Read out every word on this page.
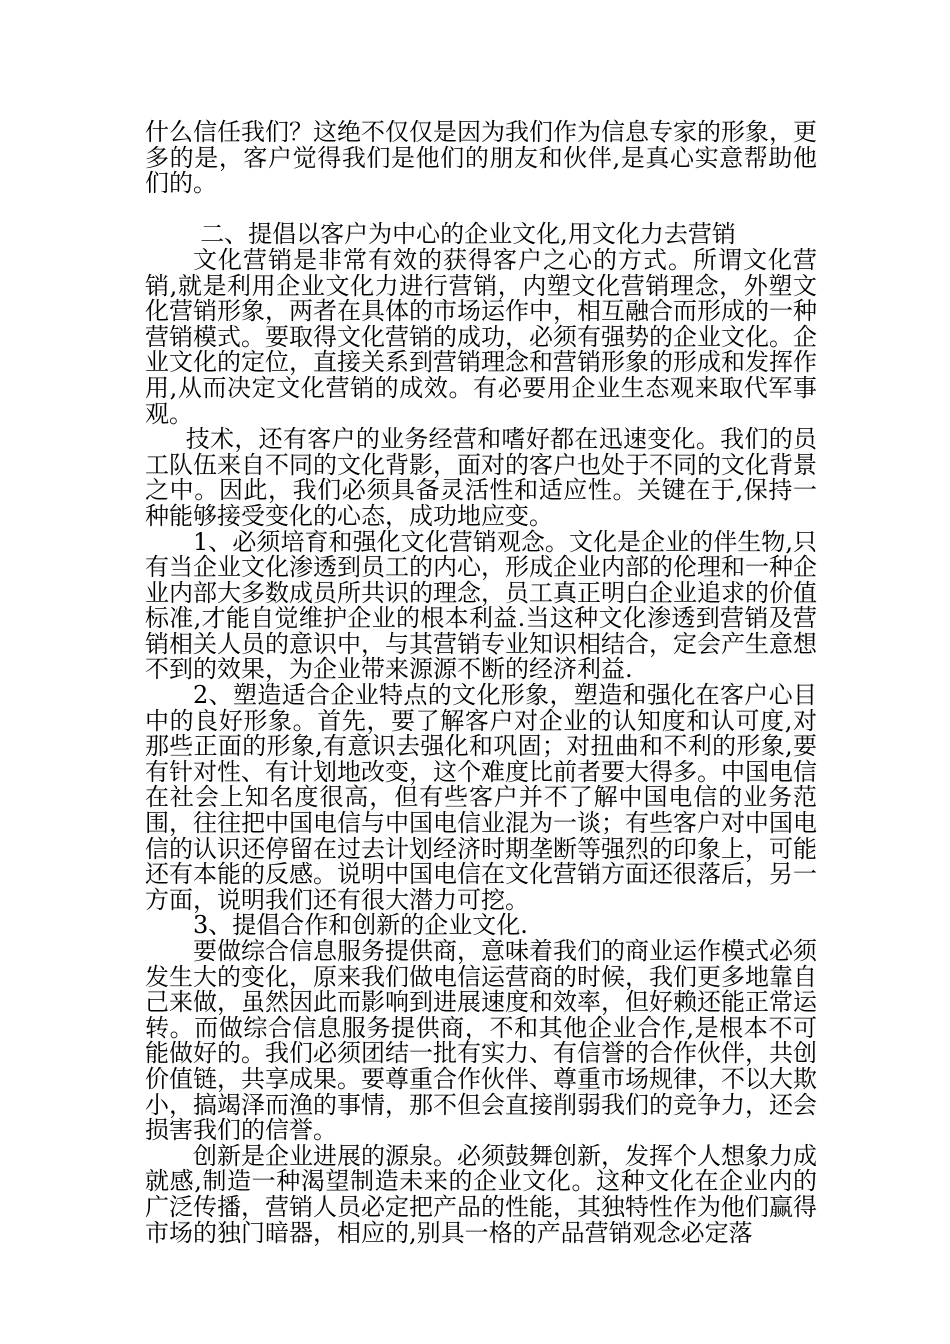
什么信任我们？这绝不仅仅是因为我们作为信息专家的形象，更多的是，客户觉得我们是他们的朋友和伙伴,是真心实意帮助他们的。

二、提倡以客户为中心的企业文化,用文化力去营销

文化营销是非常有效的获得客户之心的方式。所谓文化营销,就是利用企业文化力进行营销，内塑文化营销理念，外塑文化营销形象，两者在具体的市场运作中，相互融合而形成的一种营销模式。要取得文化营销的成功，必须有强势的企业文化。企业文化的定位，直接关系到营销理念和营销形象的形成和发挥作用,从而决定文化营销的成效。有必要用企业生态观来取代军事观。

技术，还有客户的业务经营和嗜好都在迅速变化。我们的员工队伍来自不同的文化背影，面对的客户也处于不同的文化背景之中。因此，我们必须具备灵活性和适应性。关键在于,保持一种能够接受变化的心态，成功地应变。

1、必须培育和强化文化营销观念。文化是企业的伴生物,只有当企业文化渗透到员工的内心，形成企业内部的伦理和一种企业内部大多数成员所共识的理念，员工真正明白企业追求的价值标准,才能自觉维护企业的根本利益.当这种文化渗透到营销及营销相关人员的意识中，与其营销专业知识相结合，定会产生意想不到的效果，为企业带来源源不断的经济利益.

2、塑造适合企业特点的文化形象，塑造和强化在客户心目中的良好形象。首先，要了解客户对企业的认知度和认可度,对那些正面的形象,有意识去强化和巩固；对扭曲和不利的形象,要有针对性、有计划地改变，这个难度比前者要大得多。中国电信在社会上知名度很高，但有些客户并不了解中国电信的业务范围，往往把中国电信与中国电信业混为一谈；有些客户对中国电信的认识还停留在过去计划经济时期垄断等强烈的印象上，可能还有本能的反感。说明中国电信在文化营销方面还很落后，另一方面，说明我们还有很大潜力可挖。

3、提倡合作和创新的企业文化.

要做综合信息服务提供商，意味着我们的商业运作模式必须发生大的变化，原来我们做电信运营商的时候，我们更多地靠自己来做，虽然因此而影响到进展速度和效率，但好赖还能正常运转。而做综合信息服务提供商，不和其他企业合作,是根本不可能做好的。我们必须团结一批有实力、有信誉的合作伙伴，共创价值链，共享成果。要尊重合作伙伴、尊重市场规律，不以大欺小，搞竭泽而渔的事情，那不但会直接削弱我们的竞争力，还会损害我们的信誉。

创新是企业进展的源泉。必须鼓舞创新，发挥个人想象力成就感,制造一种渴望制造未来的企业文化。这种文化在企业内的广泛传播，营销人员必定把产品的性能，其独特性作为他们赢得市场的独门暗器，相应的,别具一格的产品营销观念必定落
